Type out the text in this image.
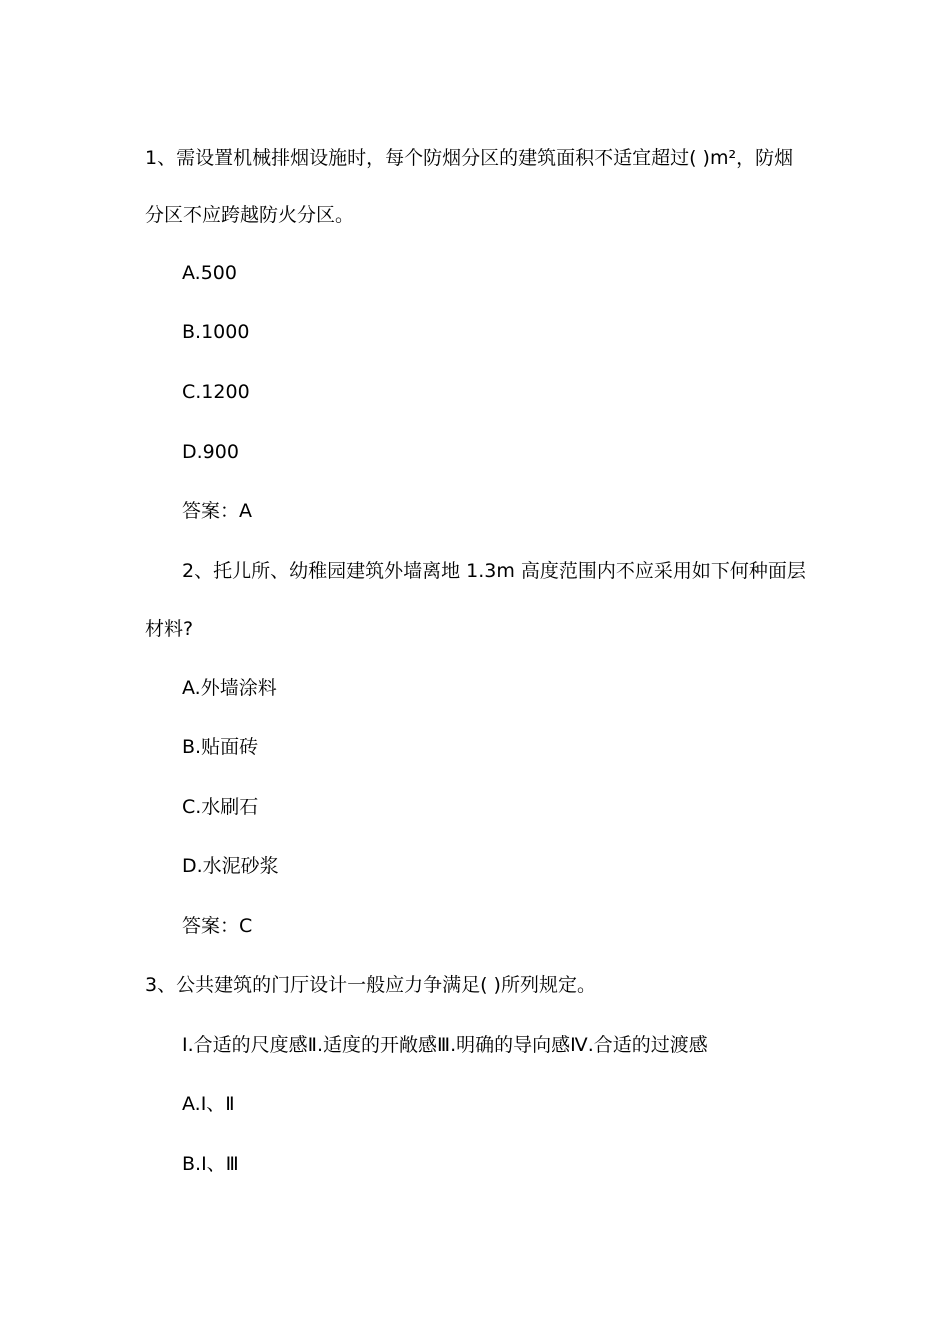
1、需设置机械排烟设施时，每个防烟分区的建筑面积不适宜超过( )m²，防烟
分区不应跨越防火分区。
A.500
B.1000
C.1200
D.900
答案：A
2、托儿所、幼稚园建筑外墙离地 1.3m 高度范围内不应采用如下何种面层
材料?
A.外墙涂料
B.贴面砖
C.水刷石
D.水泥砂浆
答案：C
3、公共建筑的门厅设计一般应力争满足( )所列规定。
Ⅰ.合适的尺度感Ⅱ.适度的开敞感Ⅲ.明确的导向感Ⅳ.合适的过渡感
A.Ⅰ、Ⅱ
B.Ⅰ、Ⅲ
